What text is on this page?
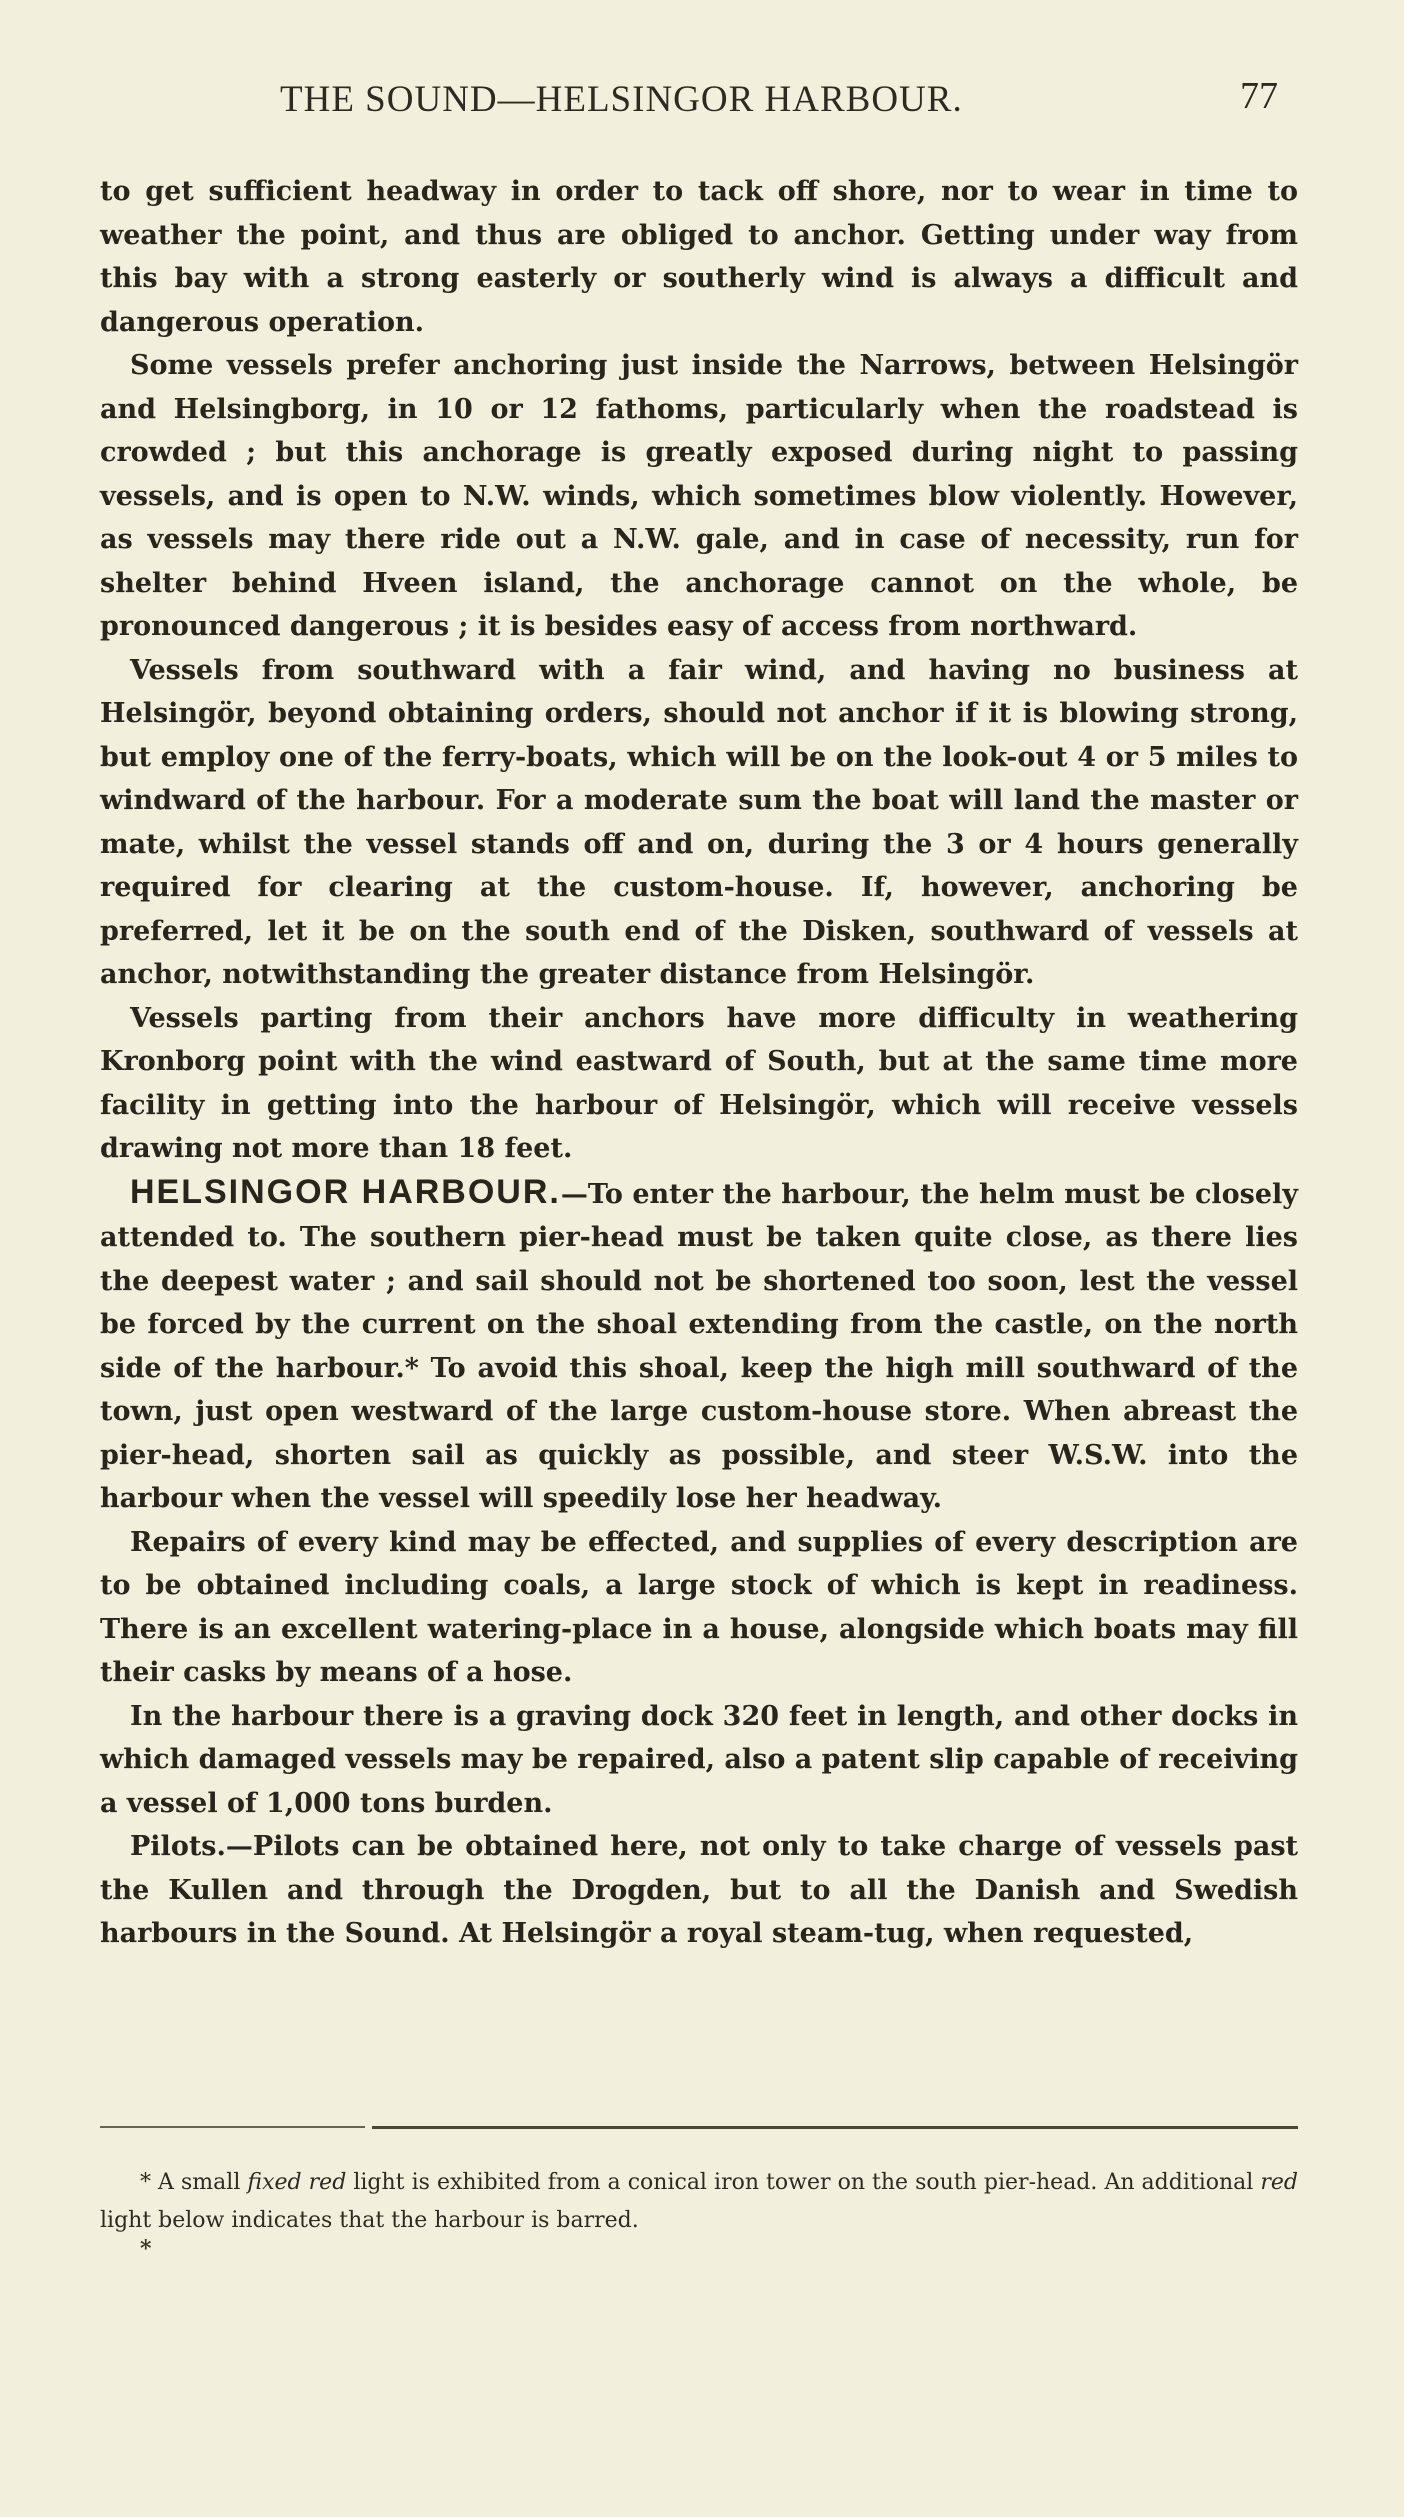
THE SOUND—HELSINGOR HARBOUR.	77

to get sufficient headway in order to tack off shore, nor to wear in time to weather the point, and thus are obliged to anchor. Getting under way from this bay with a strong easterly or southerly wind is always a difficult and dangerous operation.

Some vessels prefer anchoring just inside the Narrows, between Helsingör and Helsingborg, in 10 or 12 fathoms, particularly when the roadstead is crowded ; but this anchorage is greatly exposed during night to passing vessels, and is open to N.W. winds, which sometimes blow violently. However, as vessels may there ride out a N.W. gale, and in case of necessity, run for shelter behind Hveen island, the anchorage cannot on the whole, be pronounced dangerous ; it is besides easy of access from northward.

Vessels from southward with a fair wind, and having no business at Helsingör, beyond obtaining orders, should not anchor if it is blowing strong, but employ one of the ferry-boats, which will be on the look-out 4 or 5 miles to windward of the harbour. For a moderate sum the boat will land the master or mate, whilst the vessel stands off and on, during the 3 or 4 hours generally required for clearing at the custom-house. If, however, anchoring be preferred, let it be on the south end of the Disken, southward of vessels at anchor, notwithstanding the greater distance from Helsingör.

Vessels parting from their anchors have more difficulty in weathering Kronborg point with the wind eastward of South, but at the same time more facility in getting into the harbour of Helsingör, which will receive vessels drawing not more than 18 feet.

HELSINGOR HARBOUR.—To enter the harbour, the helm must be closely attended to. The southern pier-head must be taken quite close, as there lies the deepest water ; and sail should not be shortened too soon, lest the vessel be forced by the current on the shoal extending from the castle, on the north side of the harbour.* To avoid this shoal, keep the high mill southward of the town, just open westward of the large custom-house store. When abreast the pier-head, shorten sail as quickly as possible, and steer W.S.W. into the harbour when the vessel will speedily lose her headway.

Repairs of every kind may be effected, and supplies of every description are to be obtained including coals, a large stock of which is kept in readiness. There is an excellent watering-place in a house, alongside which boats may fill their casks by means of a hose.

In the harbour there is a graving dock 320 feet in length, and other docks in which damaged vessels may be repaired, also a patent slip capable of receiving a vessel of 1,000 tons burden.

Pilots.—Pilots can be obtained here, not only to take charge of vessels past the Kullen and through the Drogden, but to all the Danish and Swedish harbours in the Sound. At Helsingör a royal steam-tug, when requested,

* A small fixed red light is exhibited from a conical iron tower on the south pier-head. An additional red light below indicates that the harbour is barred.

*
